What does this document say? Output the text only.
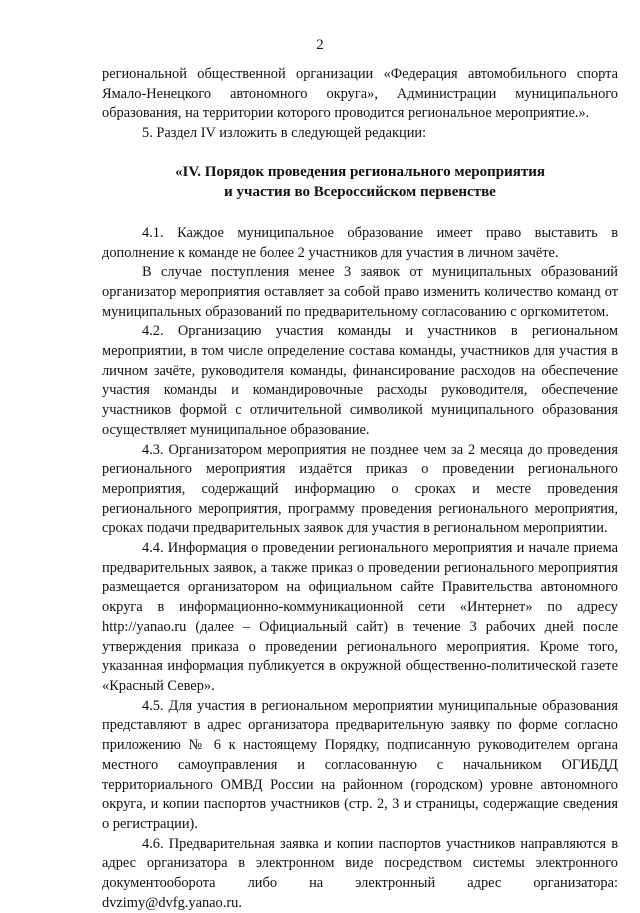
2

региональной общественной организации «Федерация автомобильного спорта Ямало-Ненецкого автономного округа», Администрации муниципального образования, на территории которого проводится региональное мероприятие.».

5. Раздел IV изложить в следующей редакции:

«IV. Порядок проведения регионального мероприятия
и участия во Всероссийском первенстве

4.1. Каждое муниципальное образование имеет право выставить в дополнение к команде не более 2 участников для участия в личном зачёте.

В случае поступления менее 3 заявок от муниципальных образований организатор мероприятия оставляет за собой право изменить количество команд от муниципальных образований по предварительному согласованию с оргкомитетом.

4.2. Организацию участия команды и участников в региональном мероприятии, в том числе определение состава команды, участников для участия в личном зачёте, руководителя команды, финансирование расходов на обеспечение участия команды и командировочные расходы руководителя, обеспечение участников формой с отличительной символикой муниципального образования осуществляет муниципальное образование.

4.3. Организатором мероприятия не позднее чем за 2 месяца до проведения регионального мероприятия издаётся приказ о проведении регионального мероприятия, содержащий информацию о сроках и месте проведения регионального мероприятия, программу проведения регионального мероприятия, сроках подачи предварительных заявок для участия в региональном мероприятии.

4.4. Информация о проведении регионального мероприятия и начале приема предварительных заявок, а также приказ о проведении регионального мероприятия размещается организатором на официальном сайте Правительства автономного округа в информационно-коммуникационной сети «Интернет» по адресу http://yanao.ru (далее – Официальный сайт) в течение 3 рабочих дней после утверждения приказа о проведении регионального мероприятия. Кроме того, указанная информация публикуется в окружной общественно-политической газете «Красный Север».

4.5. Для участия в региональном мероприятии муниципальные образования представляют в адрес организатора предварительную заявку по форме согласно приложению № 6 к настоящему Порядку, подписанную руководителем органа местного самоуправления и согласованную с начальником ОГИБДД территориального ОМВД России на районном (городском) уровне автономного округа, и копии паспортов участников (стр. 2, 3 и страницы, содержащие сведения о регистрации).

4.6. Предварительная заявка и копии паспортов участников направляются в адрес организатора в электронном виде посредством системы электронного документооборота либо на электронный адрес организатора: dvzimy@dvfg.yanao.ru.
